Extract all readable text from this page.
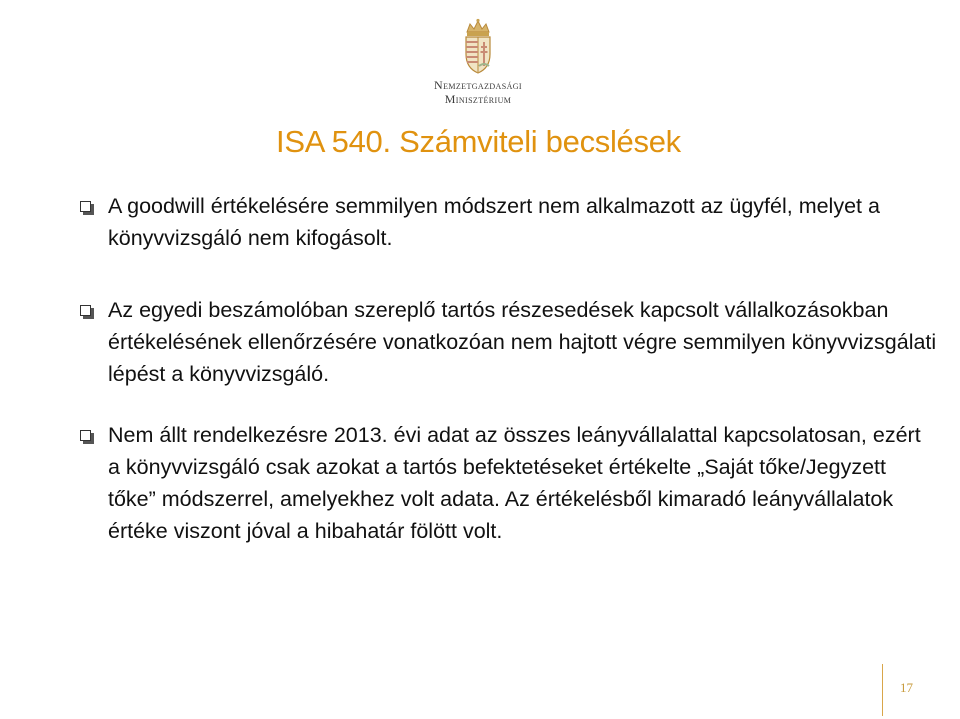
Nemzetgazdasági
Minisztérium
ISA 540. Számviteli becslések
A goodwill értékelésére semmilyen módszert nem alkalmazott az ügyfél, melyet a könyvvizsgáló nem kifogásolt.
Az egyedi beszámolóban szereplő tartós részesedések kapcsolt vállalkozásokban értékelésének ellenőrzésére vonatkozóan nem hajtott végre semmilyen könyvvizsgálati lépést a könyvvizsgáló.
Nem állt rendelkezésre 2013. évi adat az összes leányvállalattal kapcsolatosan, ezért a könyvvizsgáló csak azokat a tartós befektetéseket értékelte „Saját tőke/Jegyzett tőke” módszerrel, amelyekhez volt adata. Az értékelésből kimaradó leányvállalatok értéke viszont jóval a hibahatár fölött volt.
17
